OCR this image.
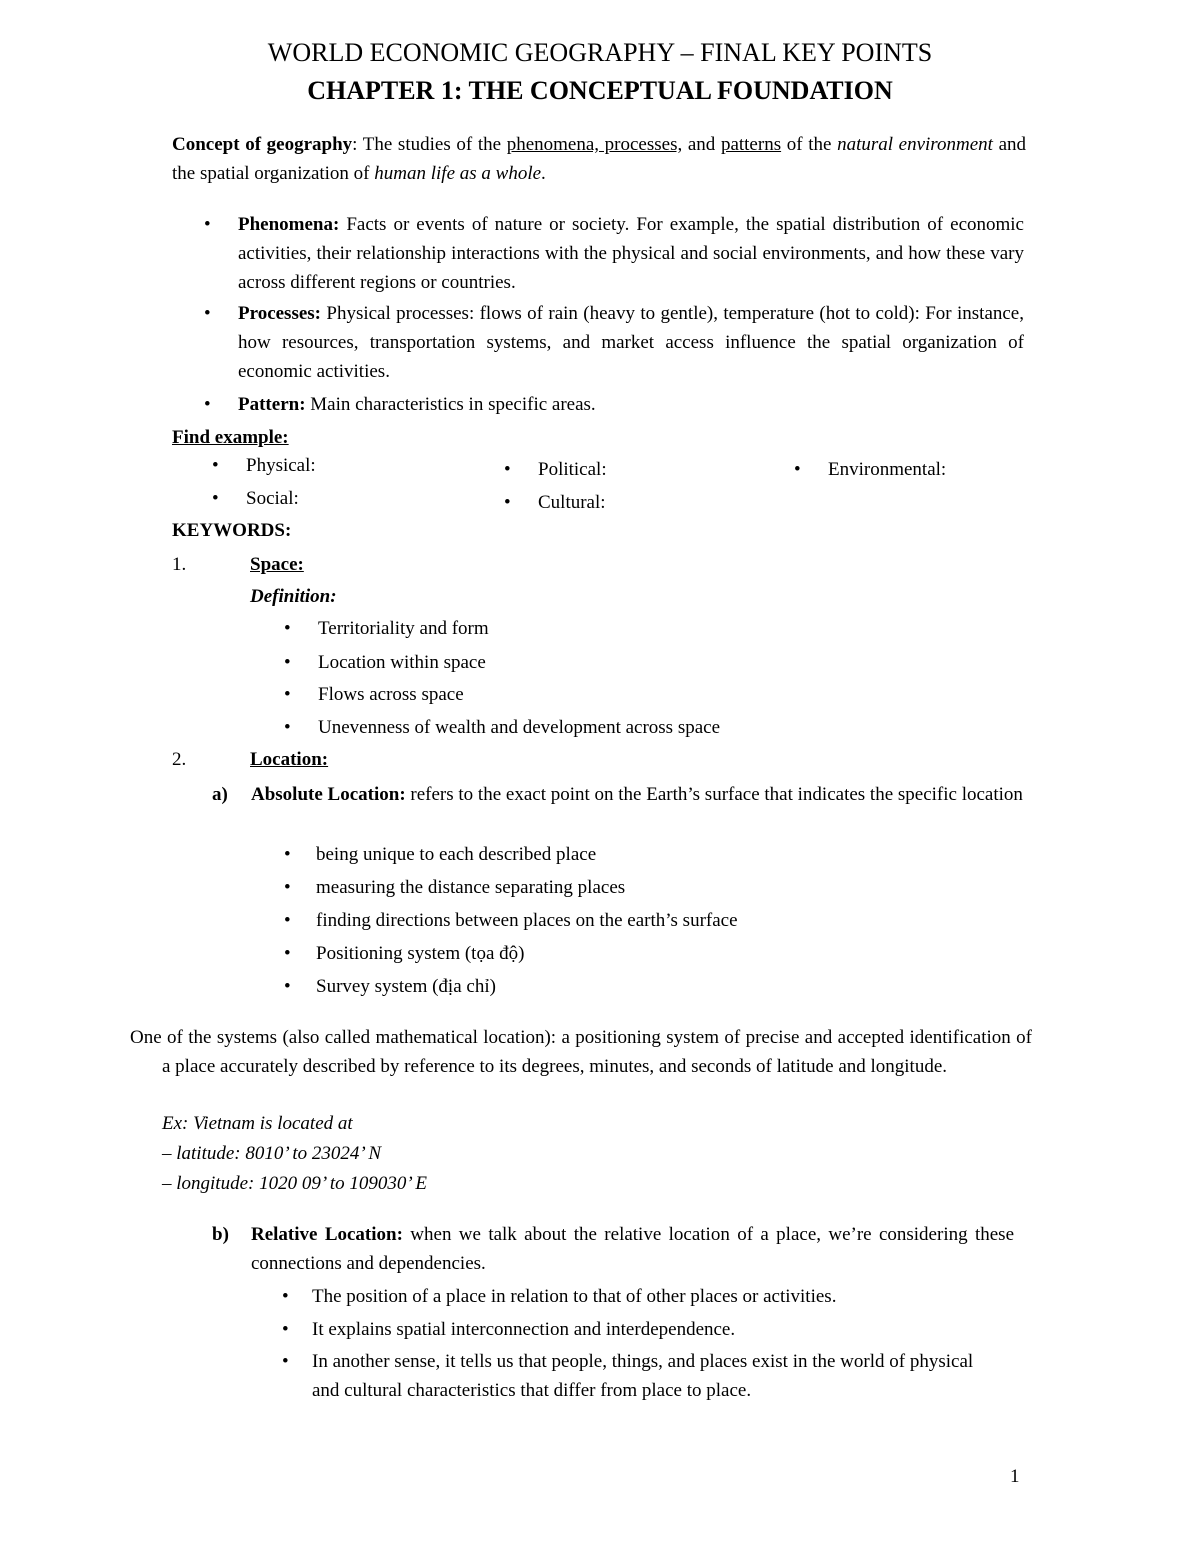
WORLD ECONOMIC GEOGRAPHY – FINAL KEY POINTS
CHAPTER 1: THE CONCEPTUAL FOUNDATION
Concept of geography: The studies of the phenomena, processes, and patterns of the natural environment and the spatial organization of human life as a whole.
•	Phenomena: Facts or events of nature or society. For example, the spatial distribution of economic activities, their relationship interactions with the physical and social environments, and how these vary across different regions or countries.
•	Processes: Physical processes: flows of rain (heavy to gentle), temperature (hot to cold): For instance, how resources, transportation systems, and market access influence the spatial organization of economic activities.
•	Pattern: Main characteristics in specific areas.
Find example:
•	Physical:
•	Social:
•	Political:
•	Cultural:
•	Environmental:
KEYWORDS:
1.	Space:
Definition:
•	Territoriality and form
•	Location within space
•	Flows across space
•	Unevenness of wealth and development across space
2.	Location:
a) Absolute Location: refers to the exact point on the Earth’s surface that indicates the specific location
•	being unique to each described place
•	measuring the distance separating places
•	finding directions between places on the earth’s surface
•	Positioning system (tọa độ)
•	Survey system (địa chỉ)
One of the systems (also called mathematical location): a positioning system of precise and accepted identification of a place accurately described by reference to its degrees, minutes, and seconds of latitude and longitude.
Ex: Vietnam is located at
– latitude: 8010’ to 23024’ N
– longitude: 1020 09’ to 109030’ E
b) Relative Location: when we talk about the relative location of a place, we’re considering these connections and dependencies.
•	The position of a place in relation to that of other places or activities.
•	It explains spatial interconnection and interdependence.
•	In another sense, it tells us that people, things, and places exist in the world of physical and cultural characteristics that differ from place to place.
1
